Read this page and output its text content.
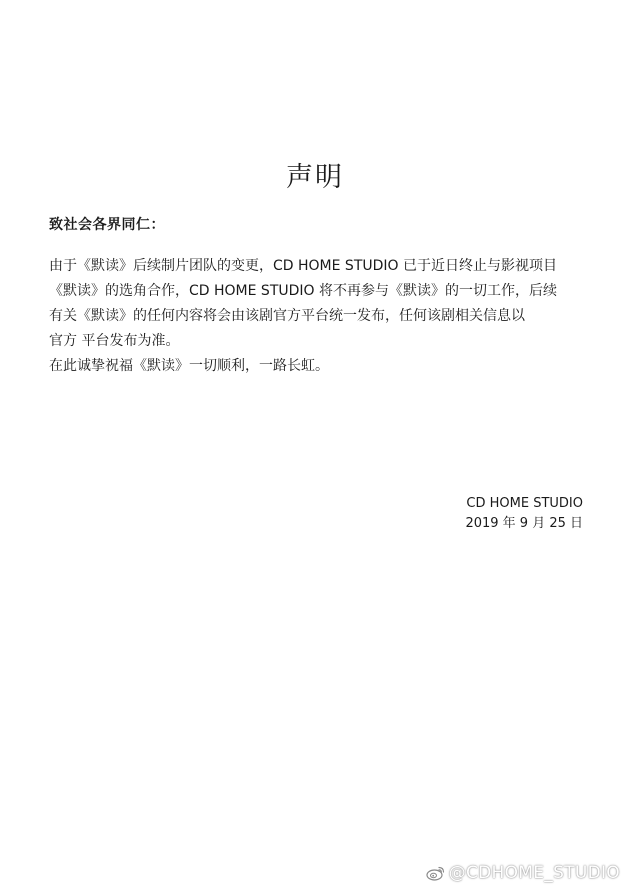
声明
致社会各界同仁：
由于《默读》后续制片团队的变更，CD HOME STUDIO 已于近日终止与影视项目
《默读》的选角合作，CD HOME STUDIO 将不再参与《默读》的一切工作，后续
有关《默读》的任何内容将会由该剧官方平台统一发布，任何该剧相关信息以
官方 平台发布为准。
在此诚挚祝福《默读》一切顺利，一路长虹。
CD HOME STUDIO
2019 年 9 月 25 日
@CDHOME_STUDIO
